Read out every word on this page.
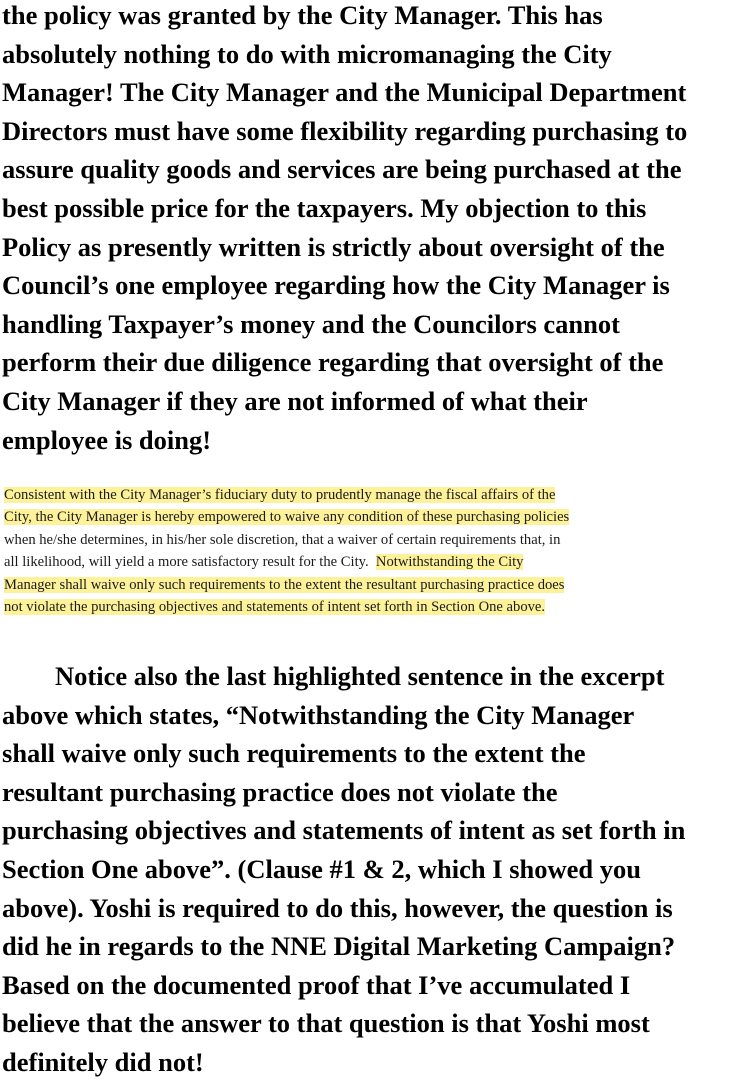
the policy was granted by the City Manager. This has
absolutely nothing to do with micromanaging the City
Manager! The City Manager and the Municipal Department
Directors must have some flexibility regarding purchasing to
assure quality goods and services are being purchased at the
best possible price for the taxpayers. My objection to this
Policy as presently written is strictly about oversight of the
Council’s one employee regarding how the City Manager is
handling Taxpayer’s money and the Councilors cannot
perform their due diligence regarding that oversight of the
City Manager if they are not informed of what their
employee is doing!
Consistent with the City Manager’s fiduciary duty to prudently manage the fiscal affairs of the
City, the City Manager is hereby empowered to waive any condition of these purchasing policies
when he/she determines, in his/her sole discretion, that a waiver of certain requirements that, in
all likelihood, will yield a more satisfactory result for the City.  Notwithstanding the City
Manager shall waive only such requirements to the extent the resultant purchasing practice does
not violate the purchasing objectives and statements of intent set forth in Section One above.
Notice also the last highlighted sentence in the excerpt
above which states, “Notwithstanding the City Manager
shall waive only such requirements to the extent the
resultant purchasing practice does not violate the
purchasing objectives and statements of intent as set forth in
Section One above”. (Clause #1 & 2, which I showed you
above). Yoshi is required to do this, however, the question is
did he in regards to the NNE Digital Marketing Campaign?
Based on the documented proof that I’ve accumulated I
believe that the answer to that question is that Yoshi most
definitely did not!
